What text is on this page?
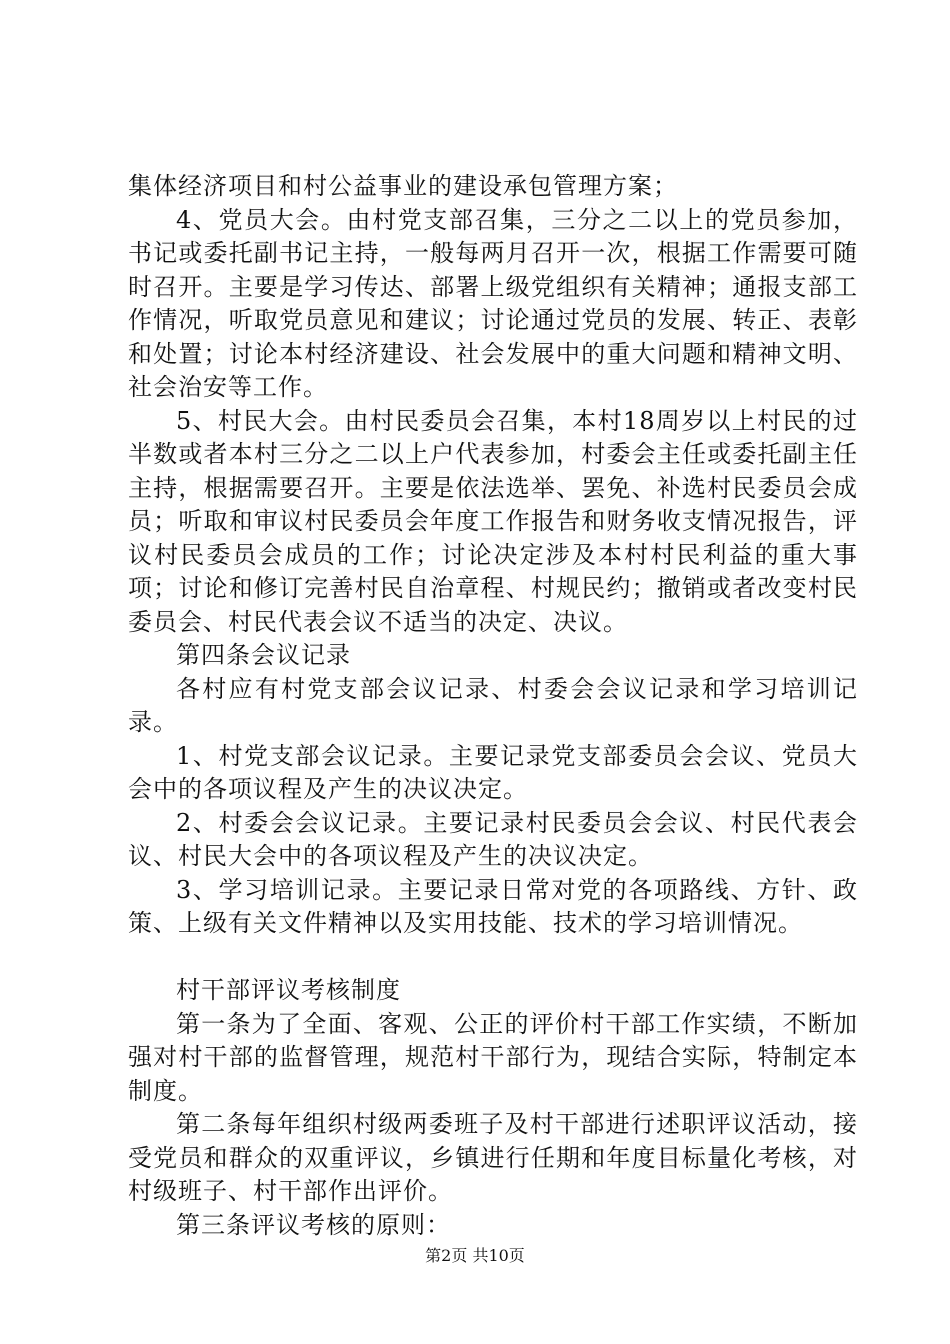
集体经济项目和村公益事业的建设承包管理方案；

4、党员大会。由村党支部召集，三分之二以上的党员参加，书记或委托副书记主持，一般每两月召开一次，根据工作需要可随时召开。主要是学习传达、部署上级党组织有关精神；通报支部工作情况，听取党员意见和建议；讨论通过党员的发展、转正、表彰和处置；讨论本村经济建设、社会发展中的重大问题和精神文明、社会治安等工作。

5、村民大会。由村民委员会召集，本村18周岁以上村民的过半数或者本村三分之二以上户代表参加，村委会主任或委托副主任主持，根据需要召开。主要是依法选举、罢免、补选村民委员会成员；听取和审议村民委员会年度工作报告和财务收支情况报告，评议村民委员会成员的工作；讨论决定涉及本村村民利益的重大事项；讨论和修订完善村民自治章程、村规民约；撤销或者改变村民委员会、村民代表会议不适当的决定、决议。

第四条会议记录

各村应有村党支部会议记录、村委会会议记录和学习培训记录。

1、村党支部会议记录。主要记录党支部委员会会议、党员大会中的各项议程及产生的决议决定。

2、村委会会议记录。主要记录村民委员会会议、村民代表会议、村民大会中的各项议程及产生的决议决定。

3、学习培训记录。主要记录日常对党的各项路线、方针、政策、上级有关文件精神以及实用技能、技术的学习培训情况。

村干部评议考核制度

第一条为了全面、客观、公正的评价村干部工作实绩，不断加强对村干部的监督管理，规范村干部行为，现结合实际，特制定本制度。

第二条每年组织村级两委班子及村干部进行述职评议活动，接受党员和群众的双重评议，乡镇进行任期和年度目标量化考核，对村级班子、村干部作出评价。

第三条评议考核的原则：

第2页 共10页
